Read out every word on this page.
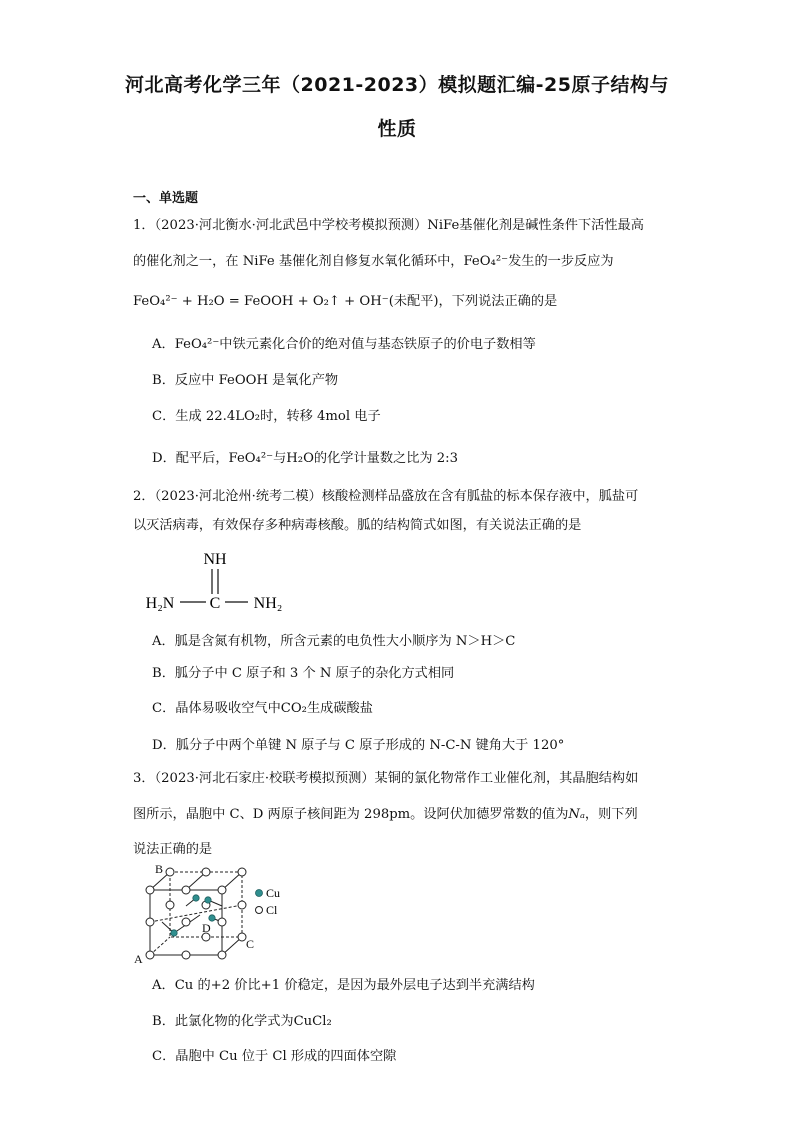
河北高考化学三年（2021-2023）模拟题汇编-25原子结构与
性质
一、单选题
1．（2023·河北衡水·河北武邑中学校考模拟预测）NiFe基催化剂是碱性条件下活性最高
的催化剂之一，在 NiFe 基催化剂自修复水氧化循环中，FeO₄²⁻发生的一步反应为
FeO₄²⁻ + H₂O = FeOOH + O₂↑ + OH⁻(未配平)，下列说法正确的是
A．FeO₄²⁻中铁元素化合价的绝对值与基态铁原子的价电子数相等
B．反应中 FeOOH 是氧化产物
C．生成 22.4LO₂时，转移 4mol 电子
D．配平后，FeO₄²⁻与H₂O的化学计量数之比为 2:3
2．（2023·河北沧州·统考二模）核酸检测样品盛放在含有胍盐的标本保存液中，胍盐可
以灭活病毒，有效保存多种病毒核酸。胍的结构简式如图，有关说法正确的是
NH
H₂N C NH₂
A．胍是含氮有机物，所含元素的电负性大小顺序为 N＞H＞C
B．胍分子中 C 原子和 3 个 N 原子的杂化方式相同
C．晶体易吸收空气中CO₂生成碳酸盐
D．胍分子中两个单键 N 原子与 C 原子形成的 N-C-N 键角大于 120°
3．（2023·河北石家庄·校联考模拟预测）某铜的氯化物常作工业催化剂，其晶胞结构如
图所示，晶胞中 C、D 两原子核间距为 298pm。设阿伏加德罗常数的值为Nₐ，则下列
说法正确的是
B
A
C
D
Cu
Cl
A．Cu 的+2 价比+1 价稳定，是因为最外层电子达到半充满结构
B．此氯化物的化学式为CuCl₂
C．晶胞中 Cu 位于 Cl 形成的四面体空隙
